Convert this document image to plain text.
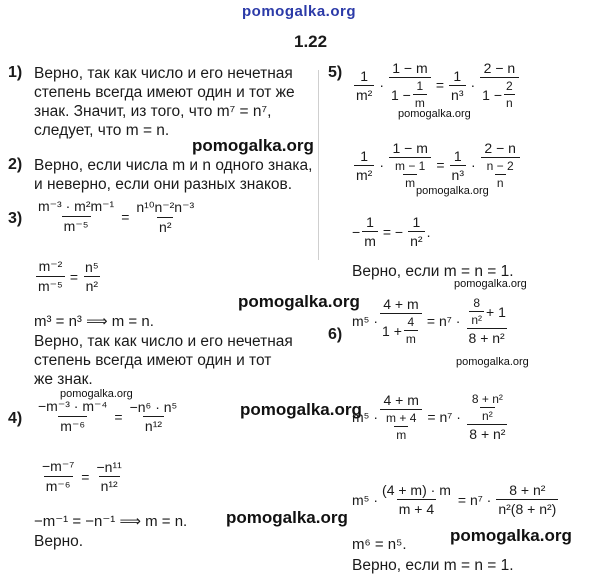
pomogalka.org
1.22
1) Верно, так как число и его нечетная
степень всегда имеют один и тот же
знак. Значит, из того, что m⁷ = n⁷,
следует, что m = n.
pomogalka.org
2) Верно, если числа m и n одного знака,
и неверно, если они разных знаков.
$3) \frac{\text{m⁻³ · m²m⁻¹}}{\text{m⁻⁵}} = \frac{\text{n¹⁰n⁻²n⁻³}}{\text{n²}}$
$\frac{\text{m⁻²}}{\text{m⁻⁵}} = \frac{\text{n⁵}}{\text{n²}}$
m³ = n³ ⟹ m = n.
Верно, так как число и его нечетная
степень всегда имеют один и тот
же знак.
pomogalka.org
$4) \frac{\text{−m⁻³ · m⁻⁴}}{\text{m⁻⁶}} = \frac{\text{−n⁶ · n⁵}}{\text{n¹²}}$
$\frac{\text{−m⁻⁷}}{\text{m⁻⁶}} = \frac{\text{−n¹¹}}{\text{n¹²}}$
−m⁻¹ = −n⁻¹ ⟹ m = n.
Верно.
pomogalka.org
pomogalka.org
pomogalka.org
$5) \frac{1}{\text{m²}} \cdot \frac{1 - m}{1 - \frac{1}{m}} = \frac{1}{\text{n³}} \cdot \frac{2 - n}{1 - \frac{2}{n}}$
pomogalka.org
$\frac{1}{\text{m²}} \cdot \frac{1 - m}{\frac{m - 1}{m}} = \frac{1}{\text{n³}} \cdot \frac{2 - n}{\frac{n - 2}{n}}$
pomogalka.org
− $\frac{1}{m}$ = − $\frac{1}{\text{n²}}$ .
Верно, если m = n = 1.
pomogalka.org
6)
$m^5 \cdot \frac{4 + m}{1 + \frac{4}{m}} = n^7 \cdot \frac{\frac{8}{\text{n²}} + 1}{\text{8 + n²}}$
pomogalka.org
$m^5 \cdot \frac{4 + m}{\frac{m + 4}{m}} = n^7 \cdot \frac{\frac{\text{8 + n²}}{\text{n²}}}{\text{8 + n²}}$
$m^5 \cdot \frac{(4 + m) \cdot m}{m + 4} = n^7 \cdot \frac{\text{8 + n²}}{\text{n²(8 + n²)}}$
m⁶ = n⁵.	pomogalka.org
Верно, если m = n = 1.
